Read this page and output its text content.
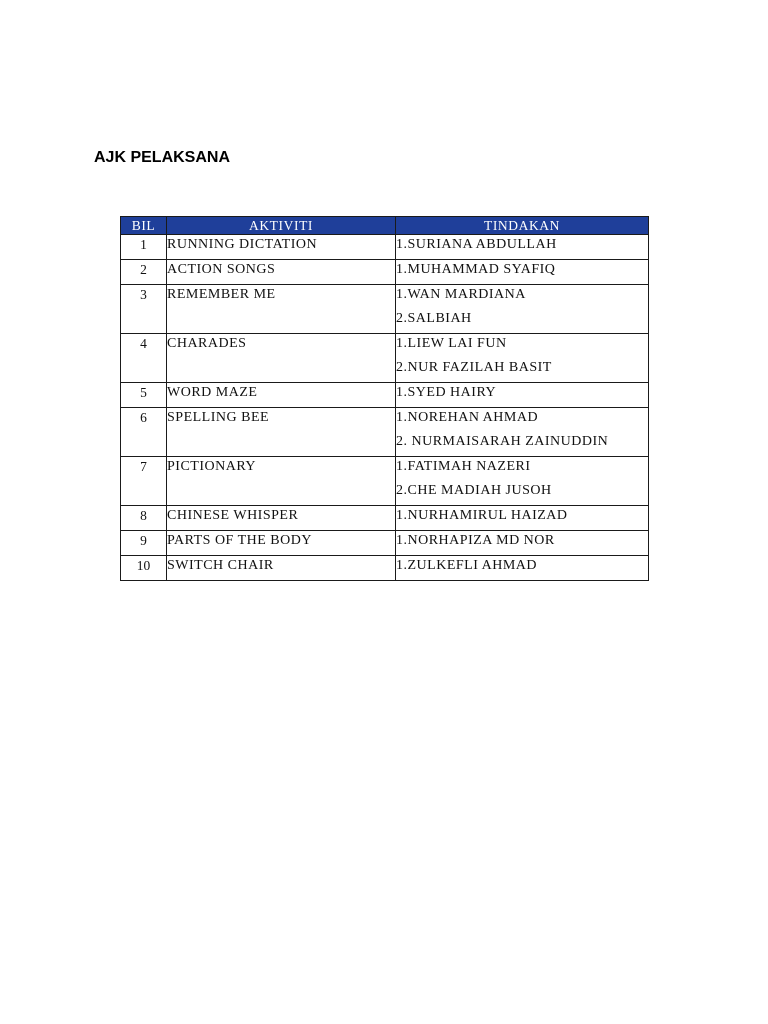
AJK PELAKSANA
BIL	AKTIVITI	TINDAKAN

1	RUNNING DICTATION	1.SURIANA ABDULLAH

2	ACTION SONGS	1.MUHAMMAD SYAFIQ

3	REMEMBER ME	1.WAN MARDIANA
2.SALBIAH

4	CHARADES	1.LIEW LAI FUN
2.NUR FAZILAH BASIT

5	WORD MAZE	1.SYED HAIRY

6	SPELLING BEE	1.NOREHAN AHMAD
2. NURMAISARAH ZAINUDDIN

7	PICTIONARY	1.FATIMAH NAZERI
2.CHE MADIAH JUSOH

8	CHINESE WHISPER	1.NURHAMIRUL HAIZAD

9	PARTS OF THE BODY	1.NORHAPIZA MD NOR

10	SWITCH CHAIR	1.ZULKEFLI AHMAD
